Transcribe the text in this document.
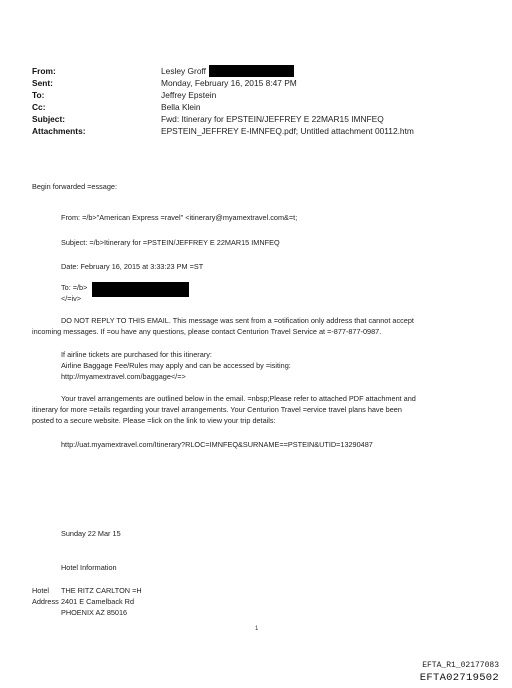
From:	Lesley Groff
Sent:	Monday, February 16, 2015 8:47 PM
To:	Jeffrey Epstein
Cc:	Bella Klein
Subject:	Fwd: Itinerary for EPSTEIN/JEFFREY E 22MAR15 IMNFEQ
Attachments:	EPSTEIN_JEFFREY E-IMNFEQ.pdf; Untitled attachment 00112.htm
Begin forwarded =essage:
From: =/b>"American Express =ravel" <itinerary@myamextravel.com&=t;
Subject: =/b>Itinerary for =PSTEIN/JEFFREY E 22MAR15 IMNFEQ
Date: February 16, 2015 at 3:33:23 PM =ST
To: =/b>
</=iv>
DO NOT REPLY TO THIS EMAIL. This message was sent from a =otification only address that cannot accept
incoming messages. If =ou have any questions, please contact Centurion Travel Service at =-877-877-0987.
If airline tickets are purchased for this itinerary:
Airline Baggage Fee/Rules may apply and can be accessed by =isiting:
http://myamextravel.com/baggage</=>
Your travel arrangements are outlined below in the email. =nbsp;Please refer to attached PDF attachment and
itinerary for more =etails regarding your travel arrangements. Your Centurion Travel =ervice travel plans have been
posted to a secure website. Please =lick on the link to view your trip details:
http://uat.myamextravel.com/Itinerary?RLOC=IMNFEQ&SURNAME==PSTEIN&UTID=13290487
Sunday 22 Mar 15
Hotel Information
Hotel THE RITZ CARLTON =H
Address 2401 E Camelback Rd
PHOENIX AZ 85016
1
EFTA_R1_02177083
EFTA02719502
